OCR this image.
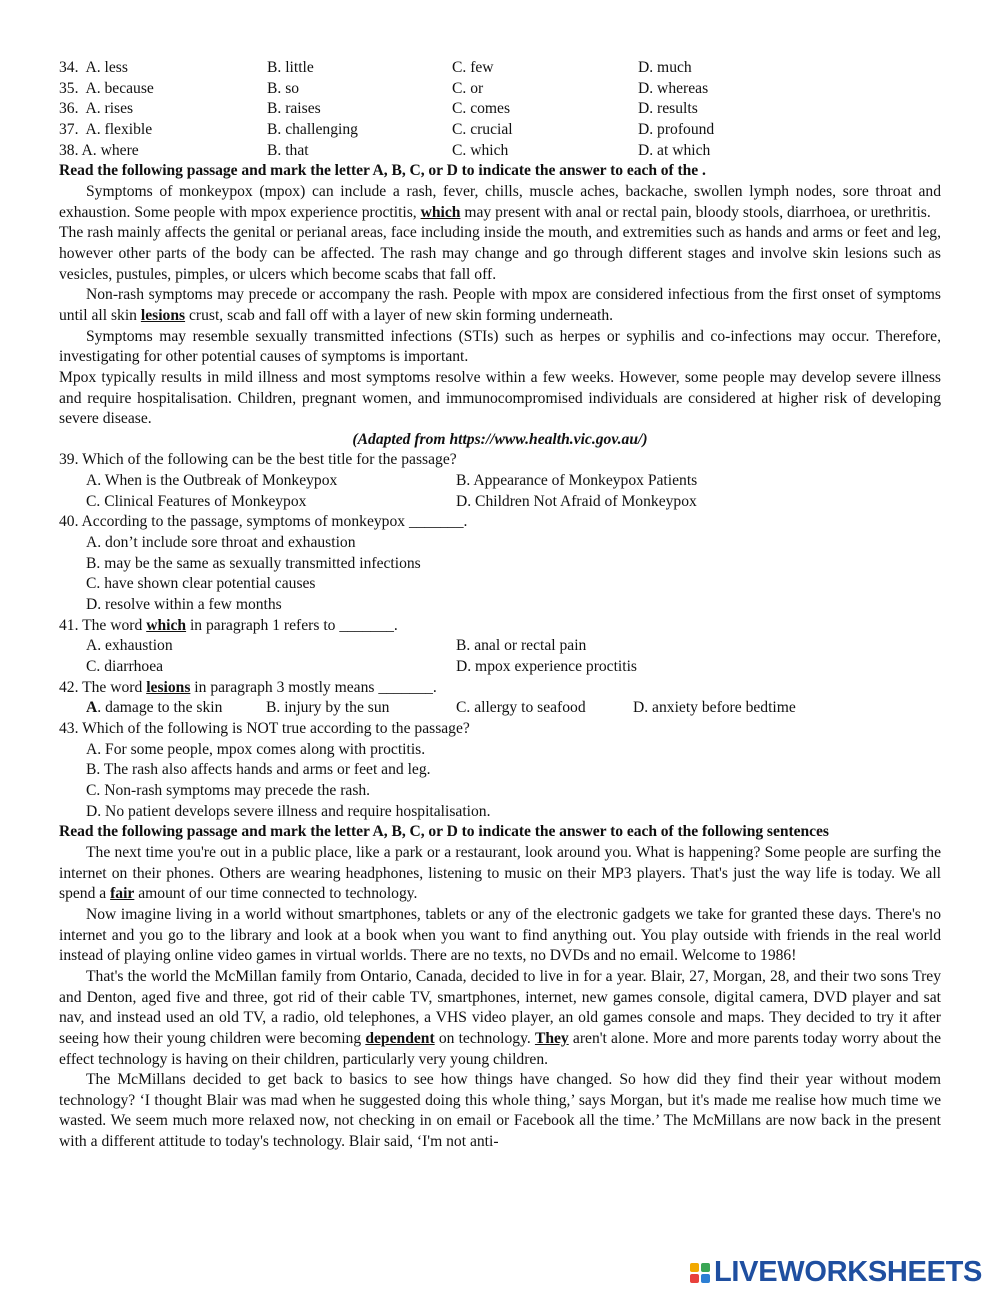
34. A. less	B. little	C. few	D. much
35. A. because	B. so	C. or	D. whereas
36. A. rises	B. raises	C. comes	D. results
37. A. flexible	B. challenging	C. crucial	D. profound
38. A. where	B. that	C. which	D. at which
Read the following passage and mark the letter A, B, C, or D to indicate the answer to each of the .

Symptoms of monkeypox (mpox) can include a rash, fever, chills, muscle aches, backache, swollen lymph nodes, sore throat and exhaustion. Some people with mpox experience proctitis, which may present with anal or rectal pain, bloody stools, diarrhoea, or urethritis.

The rash mainly affects the genital or perianal areas, face including inside the mouth, and extremities such as hands and arms or feet and leg, however other parts of the body can be affected. The rash may change and go through different stages and involve skin lesions such as vesicles, pustules, pimples, or ulcers which become scabs that fall off.

Non-rash symptoms may precede or accompany the rash. People with mpox are considered infectious from the first onset of symptoms until all skin lesions crust, scab and fall off with a layer of new skin forming underneath.

Symptoms may resemble sexually transmitted infections (STIs) such as herpes or syphilis and co-infections may occur. Therefore, investigating for other potential causes of symptoms is important.

Mpox typically results in mild illness and most symptoms resolve within a few weeks. However, some people may develop severe illness and require hospitalisation. Children, pregnant women, and immunocompromised individuals are considered at higher risk of developing severe disease.

(Adapted from https://www.health.vic.gov.au/)
39. Which of the following can be the best title for the passage?
A. When is the Outbreak of Monkeypox	B. Appearance of Monkeypox Patients
C. Clinical Features of Monkeypox	D. Children Not Afraid of Monkeypox
40. According to the passage, symptoms of monkeypox _______.
A. don’t include sore throat and exhaustion
B. may be the same as sexually transmitted infections
C. have shown clear potential causes
D. resolve within a few months
41. The word which in paragraph 1 refers to _______.
A. exhaustion	B. anal or rectal pain
C. diarrhoea	D. mpox experience proctitis
42. The word lesions in paragraph 3 mostly means _______.
A. damage to the skin	B. injury by the sun	C. allergy to seafood	D. anxiety before bedtime
43. Which of the following is NOT true according to the passage?
A. For some people, mpox comes along with proctitis.
B. The rash also affects hands and arms or feet and leg.
C. Non-rash symptoms may precede the rash.
D. No patient develops severe illness and require hospitalisation.
Read the following passage and mark the letter A, B, C, or D to indicate the answer to each of the following sentences

The next time you're out in a public place, like a park or a restaurant, look around you. What is happening? Some people are surfing the internet on their phones. Others are wearing headphones, listening to music on their MP3 players. That's just the way life is today. We all spend a fair amount of our time connected to technology.

Now imagine living in a world without smartphones, tablets or any of the electronic gadgets we take for granted these days. There's no internet and you go to the library and look at a book when you want to find anything out. You play outside with friends in the real world instead of playing online video games in virtual worlds. There are no texts, no DVDs and no email. Welcome to 1986!

That's the world the McMillan family from Ontario, Canada, decided to live in for a year. Blair, 27, Morgan, 28, and their two sons Trey and Denton, aged five and three, got rid of their cable TV, smartphones, internet, new games console, digital camera, DVD player and sat nav, and instead used an old TV, a radio, old telephones, a VHS video player, an old games console and maps. They decided to try it after seeing how their young children were becoming dependent on technology. They aren't alone. More and more parents today worry about the effect technology is having on their children, particularly very young children.

The McMillans decided to get back to basics to see how things have changed. So how did they find their year without modem technology? ‘I thought Blair was mad when he suggested doing this whole thing,’ says Morgan, but it's made me realise how much time we wasted. We seem much more relaxed now, not checking in on email or Facebook all the time.’ The McMillans are now back in the present with a different attitude to today's technology. Blair said, ‘I'm not anti-

LIVEWORKSHEETS
